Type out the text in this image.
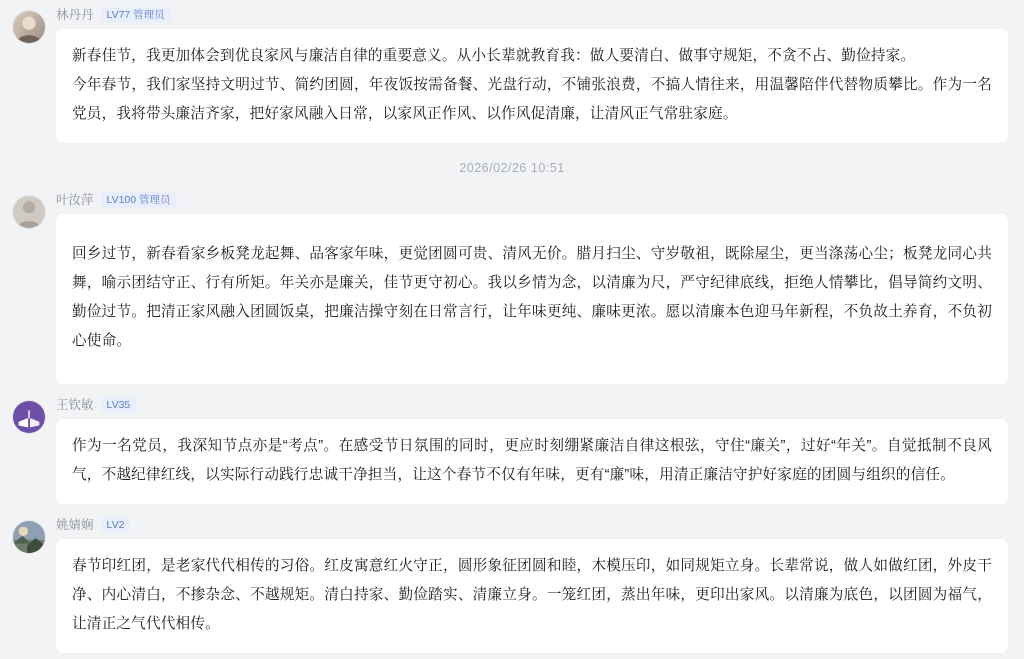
林丹丹	LV77 管理员
新春佳节，我更加体会到优良家风与廉洁自律的重要意义。从小长辈就教育我：做人要清白、做事守规矩，不贪不占、勤俭持家。
今年春节，我们家坚持文明过节、简约团圆，年夜饭按需备餐、光盘行动，不铺张浪费，不搞人情往来，用温馨陪伴代替物质攀比。作为一名党员，我将带头廉洁齐家，把好家风融入日常，以家风正作风、以作风促清廉，让清风正气常驻家庭。
2026/02/26 10:51
叶汝萍	LV100 管理员
回乡过节，新春看家乡板凳龙起舞、品客家年味，更觉团圆可贵、清风无价。腊月扫尘、守岁敬祖，既除屋尘，更当涤荡心尘；板凳龙同心共舞，喻示团结守正、行有所矩。年关亦是廉关，佳节更守初心。我以乡情为念，以清廉为尺，严守纪律底线，拒绝人情攀比，倡导简约文明、勤俭过节。把清正家风融入团圆饭桌，把廉洁操守刻在日常言行，让年味更纯、廉味更浓。愿以清廉本色迎马年新程，不负故土养育，不负初心使命。
王钦敏	LV35
作为一名党员，我深知节点亦是“考点”。在感受节日氛围的同时，更应时刻绷紧廉洁自律这根弦，守住“廉关”，过好“年关”。自觉抵制不良风气，不越纪律红线，以实际行动践行忠诚干净担当，让这个春节不仅有年味，更有“廉”味，用清正廉洁守护好家庭的团圆与组织的信任。
姚婧娴	LV2
春节印红团，是老家代代相传的习俗。红皮寓意红火守正，圆形象征团圆和睦，木模压印，如同规矩立身。长辈常说，做人如做红团，外皮干净、内心清白，不掺杂念、不越规矩。清白持家、勤俭踏实、清廉立身。一笼红团，蒸出年味，更印出家风。以清廉为底色，以团圆为福气，让清正之气代代相传。
